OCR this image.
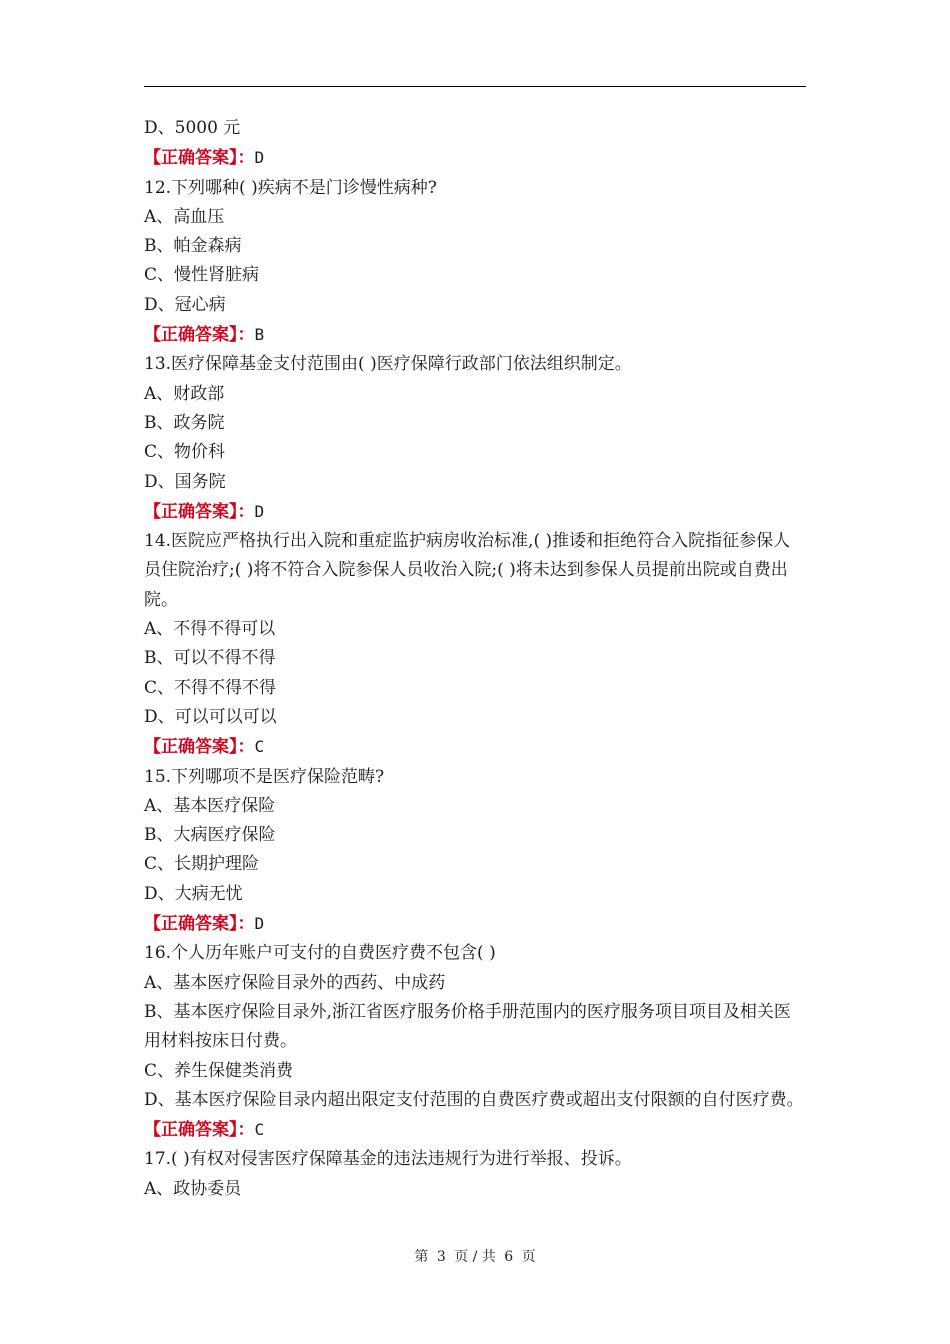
D、5000 元

【正确答案】：D

12.下列哪种( )疾病不是门诊慢性病种?

A、高血压

B、帕金森病

C、慢性肾脏病

D、冠心病

【正确答案】：B

13.医疗保障基金支付范围由( )医疗保障行政部门依法组织制定。

A、财政部

B、政务院

C、物价科

D、国务院

【正确答案】：D

14.医院应严格执行出入院和重症监护病房收治标准,( )推诿和拒绝符合入院指征参保人员住院治疗;( )将不符合入院参保人员收治入院;( )将未达到参保人员提前出院或自费出院。

A、不得不得可以

B、可以不得不得

C、不得不得不得

D、可以可以可以

【正确答案】：C

15.下列哪项不是医疗保险范畴?

A、基本医疗保险

B、大病医疗保险

C、长期护理险

D、大病无忧

【正确答案】：D

16.个人历年账户可支付的自费医疗费不包含( )

A、基本医疗保险目录外的西药、中成药

B、基本医疗保险目录外,浙江省医疗服务价格手册范围内的医疗服务项目项目及相关医用材料按床日付费。

C、养生保健类消费

D、基本医疗保险目录内超出限定支付范围的自费医疗费或超出支付限额的自付医疗费。

【正确答案】：C

17.( )有权对侵害医疗保障基金的违法违规行为进行举报、投诉。

A、政协委员

第 3 页 / 共 6 页
